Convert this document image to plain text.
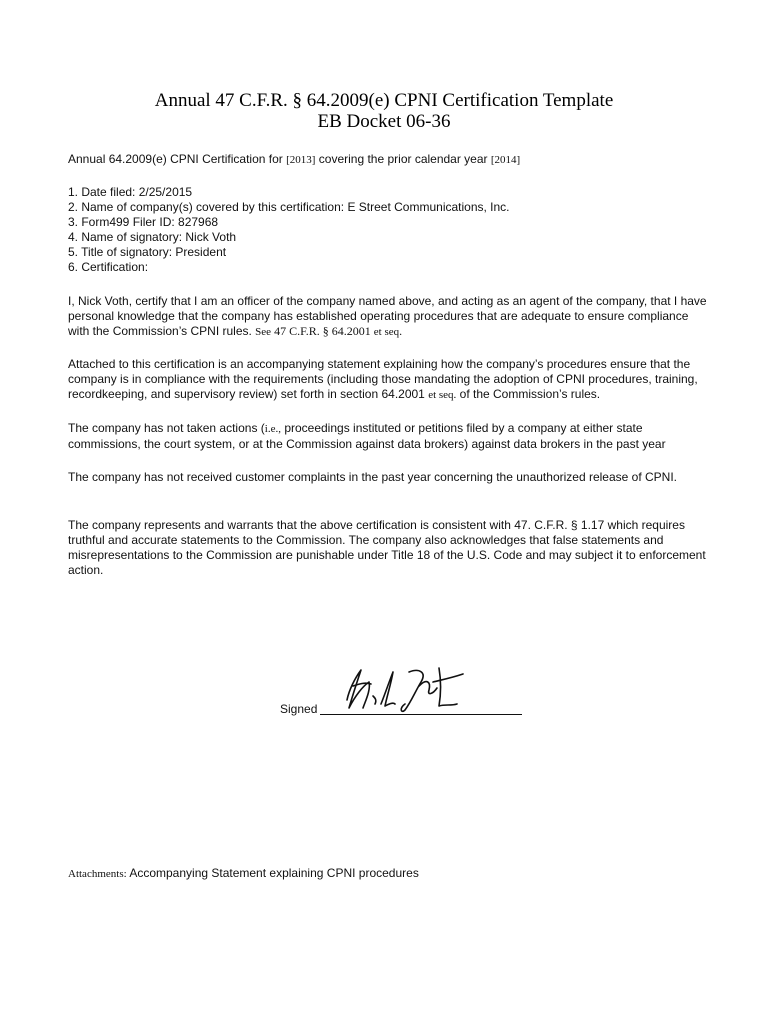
Annual 47 C.F.R. § 64.2009(e) CPNI Certification Template
EB Docket 06-36
Annual 64.2009(e) CPNI Certification for [2013] covering the prior calendar year [2014]
1. Date filed: 2/25/2015
2. Name of company(s) covered by this certification: E Street Communications, Inc.
3. Form499 Filer ID: 827968
4. Name of signatory: Nick Voth
5. Title of signatory: President
6. Certification:
I, Nick Voth, certify that I am an officer of the company named above, and acting as an agent of the company, that I have personal knowledge that the company has established operating procedures that are adequate to ensure compliance with the Commission’s CPNI rules. See 47 C.F.R. § 64.2001 et seq.
Attached to this certification is an accompanying statement explaining how the company’s procedures ensure that the company is in compliance with the requirements (including those mandating the adoption of CPNI procedures, training, recordkeeping, and supervisory review) set forth in section 64.2001 et seq. of the Commission’s rules.
The company has not taken actions (i.e., proceedings instituted or petitions filed by a company at either state commissions, the court system, or at the Commission against data brokers) against data brokers in the past year
The company has not received customer complaints in the past year concerning the unauthorized release of CPNI.
The company represents and warrants that the above certification is consistent with 47. C.F.R. § 1.17 which requires truthful and accurate statements to the Commission. The company also acknowledges that false statements and misrepresentations to the Commission are punishable under Title 18 of the U.S. Code and may subject it to enforcement action.
Signed
Attachments: Accompanying Statement explaining CPNI procedures
